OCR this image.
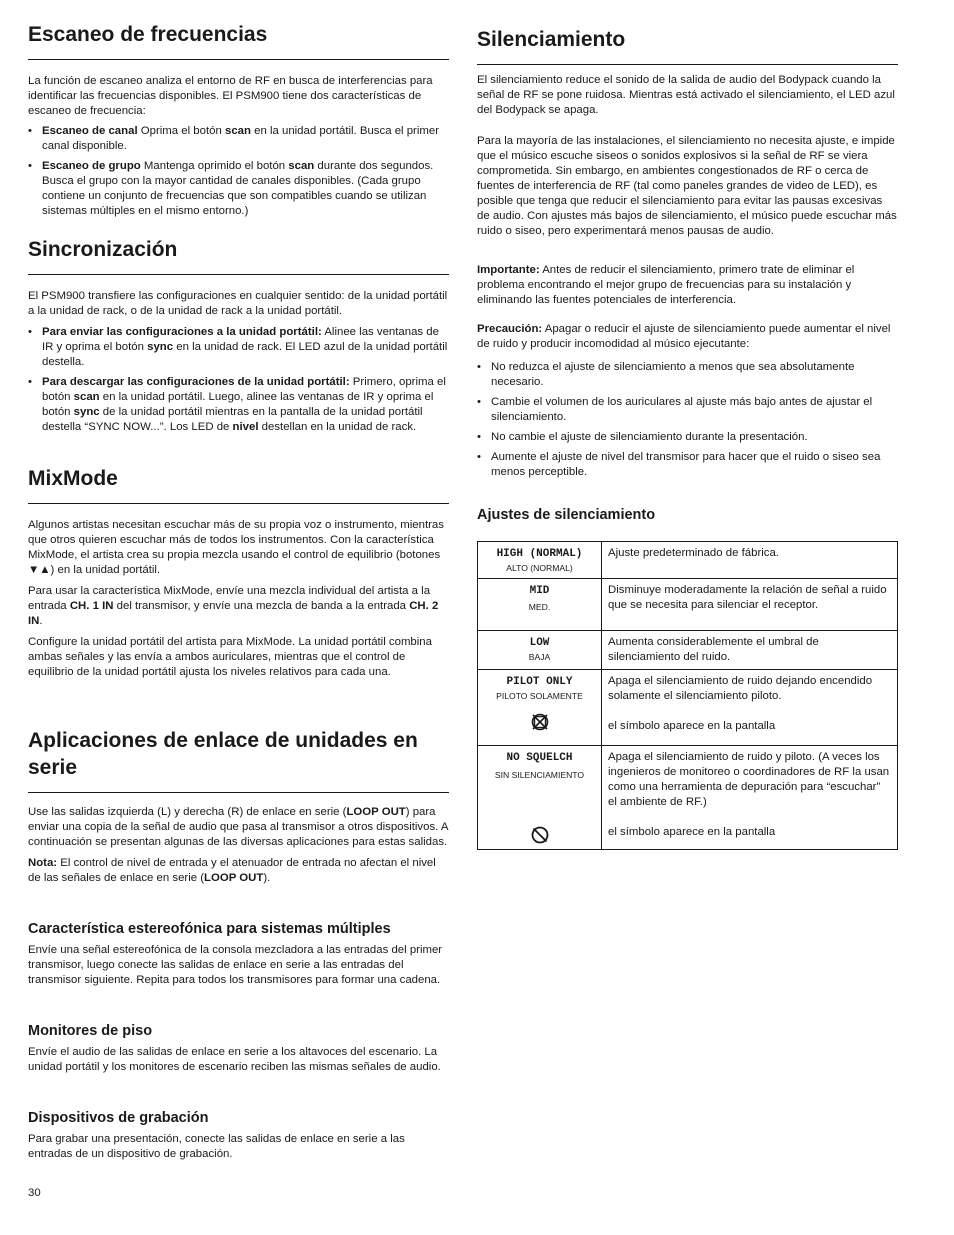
Escaneo de frecuencias

La función de escaneo analiza el entorno de RF en busca de interferencias para identificar las frecuencias disponibles. El PSM900 tiene dos características de escaneo de frecuencia:

• Escaneo de canal Oprima el botón scan en la unidad portátil. Busca el primer canal disponible.
• Escaneo de grupo Mantenga oprimido el botón scan durante dos segundos. Busca el grupo con la mayor cantidad de canales disponibles. (Cada grupo contiene un conjunto de frecuencias que son compatibles cuando se utilizan sistemas múltiples en el mismo entorno.)
Sincronización

El PSM900 transfiere las configuraciones en cualquier sentido: de la unidad portátil a la unidad de rack, o de la unidad de rack a la unidad portátil.

• Para enviar las configuraciones a la unidad portátil: Alinee las ventanas de IR y oprima el botón sync en la unidad de rack. El LED azul de la unidad portátil destella.
• Para descargar las configuraciones de la unidad portátil: Primero, oprima el botón scan en la unidad portátil. Luego, alinee las ventanas de IR y oprima el botón sync de la unidad portátil mientras en la pantalla de la unidad portátil destella “SYNC NOW...”. Los LED de nivel destellan en la unidad de rack.
MixMode

Algunos artistas necesitan escuchar más de su propia voz o instrumento, mientras que otros quieren escuchar más de todos los instrumentos. Con la característica MixMode, el artista crea su propia mezcla usando el control de equilibrio (botones ▼▲) en la unidad portátil.

Para usar la característica MixMode, envíe una mezcla individual del artista a la entrada CH. 1 IN del transmisor, y envíe una mezcla de banda a la entrada CH. 2 IN.

Configure la unidad portátil del artista para MixMode. La unidad portátil combina ambas señales y las envía a ambos auriculares, mientras que el control de equilibrio de la unidad portátil ajusta los niveles relativos para cada una.

Aplicaciones de enlace de unidades en serie

Use las salidas izquierda (L) y derecha (R) de enlace en serie (LOOP OUT) para enviar una copia de la señal de audio que pasa al transmisor a otros dispositivos. A continuación se presentan algunas de las diversas aplicaciones para estas salidas.

Nota: El control de nivel de entrada y el atenuador de entrada no afectan el nivel de las señales de enlace en serie (LOOP OUT).

Característica estereofónica para sistemas múltiples

Envíe una señal estereofónica de la consola mezcladora a las entradas del primer transmisor, luego conecte las salidas de enlace en serie a las entradas del transmisor siguiente. Repita para todos los transmisores para formar una cadena.

Monitores de piso

Envíe el audio de las salidas de enlace en serie a los altavoces del escenario. La unidad portátil y los monitores de escenario reciben las mismas señales de audio.

Dispositivos de grabación

Para grabar una presentación, conecte las salidas de enlace en serie a las entradas de un dispositivo de grabación.

30
Silenciamiento

El silenciamiento reduce el sonido de la salida de audio del Bodypack cuando la señal de RF se pone ruidosa. Mientras está activado el silenciamiento, el LED azul del Bodypack se apaga.

Para la mayoría de las instalaciones, el silenciamiento no necesita ajuste, e impide que el músico escuche siseos o sonidos explosivos si la señal de RF se viera comprometida. Sin embargo, en ambientes congestionados de RF o cerca de fuentes de interferencia de RF (tal como paneles grandes de video de LED), es posible que tenga que reducir el silenciamiento para evitar las pausas excesivas de audio. Con ajustes más bajos de silenciamiento, el músico puede escuchar más ruido o siseo, pero experimentará menos pausas de audio.

Importante: Antes de reducir el silenciamiento, primero trate de eliminar el problema encontrando el mejor grupo de frecuencias para su instalación y eliminando las fuentes potenciales de interferencia.

Precaución: Apagar o reducir el ajuste de silenciamiento puede aumentar el nivel de ruido y producir incomodidad al músico ejecutante:

• No reduzca el ajuste de silenciamiento a menos que sea absolutamente necesario.
• Cambie el volumen de los auriculares al ajuste más bajo antes de ajustar el silenciamiento.
• No cambie el ajuste de silenciamiento durante la presentación.
• Aumente el ajuste de nivel del transmisor para hacer que el ruido o siseo sea menos perceptible.
Ajustes de silenciamiento
HIGH (NORMAL)
ALTO (NORMAL)	Ajuste predeterminado de fábrica.

MID
MED.	Disminuye moderadamente la relación de señal a ruido que se necesita para silenciar el receptor.

LOW
BAJA	Aumenta considerablemente el umbral de silenciamiento del ruido.

PILOT ONLY
PILOTO SOLAMENTE	Apaga el silenciamiento de ruido dejando encendido solamente el silenciamiento piloto.
el símbolo aparece en la pantalla

NO SQUELCH
SIN SILENCIAMIENTO	Apaga el silenciamiento de ruido y piloto. (A veces los ingenieros de monitoreo o coordinadores de RF la usan como una herramienta de depuración para “escuchar” el ambiente de RF.)
el símbolo aparece en la pantalla
